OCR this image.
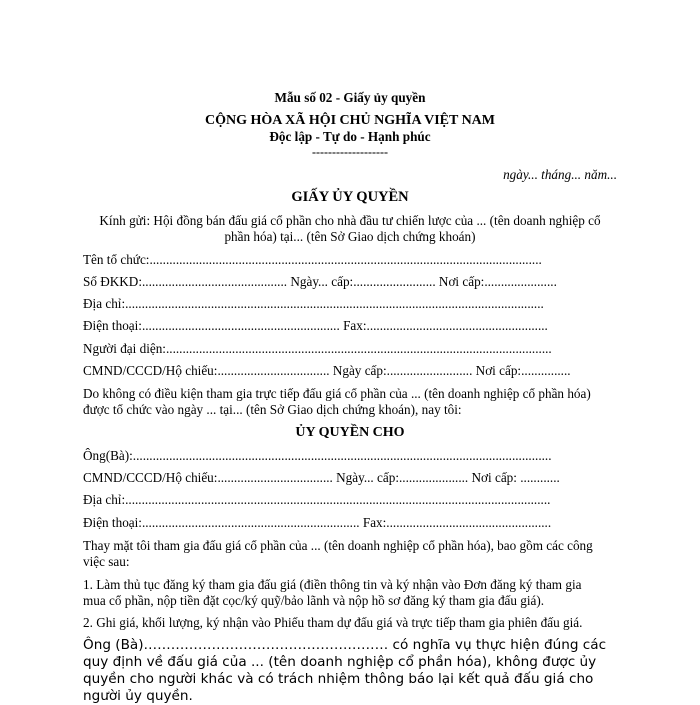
Mẫu số 02 - Giấy ủy quyền
CỘNG HÒA XÃ HỘI CHỦ NGHĨA VIỆT NAM
Độc lập - Tự do - Hạnh phúc
-------------------
ngày... tháng... năm...
GIẤY ỦY QUYỀN
Kính gửi: Hội đồng bán đấu giá cổ phần cho nhà đầu tư chiến lược của ... (tên doanh nghiệp cổ
phần hóa) tại... (tên Sở Giao dịch chứng khoán)
Tên tổ chức:.......................................................................................................................
Số ĐKKD:............................................ Ngày... cấp:......................... Nơi cấp:......................
Địa chỉ:...............................................................................................................................
Điện thoại:............................................................ Fax:.......................................................
Người đại diện:.....................................................................................................................
CMND/CCCD/Hộ chiếu:.................................. Ngày cấp:.......................... Nơi cấp:...............
Do không có điều kiện tham gia trực tiếp đấu giá cổ phần của ... (tên doanh nghiệp cổ phần hóa)
được tổ chức vào ngày ... tại... (tên Sở Giao dịch chứng khoán), nay tôi:
ỦY QUYỀN CHO
Ông(Bà):...............................................................................................................................
CMND/CCCD/Hộ chiếu:................................... Ngày... cấp:..................... Nơi cấp: ............
Địa chỉ:.................................................................................................................................
Điện thoại:.................................................................. Fax:..................................................
Thay mặt tôi tham gia đấu giá cổ phần của ... (tên doanh nghiệp cổ phần hóa), bao gồm các công
việc sau:
1. Làm thủ tục đăng ký tham gia đấu giá (điền thông tin và ký nhận vào Đơn đăng ký tham gia
mua cổ phần, nộp tiền đặt cọc/ký quỹ/bảo lãnh và nộp hồ sơ đăng ký tham gia đấu giá).
2. Ghi giá, khối lượng, ký nhận vào Phiếu tham dự đấu giá và trực tiếp tham gia phiên đấu giá.
Ông (Bà)……………………………………………… có nghĩa vụ thực hiện đúng các
quy định về đấu giá của ... (tên doanh nghiệp cổ phần hóa), không được ủy
quyền cho người khác và có trách nhiệm thông báo lại kết quả đấu giá cho
người ủy quyền.
